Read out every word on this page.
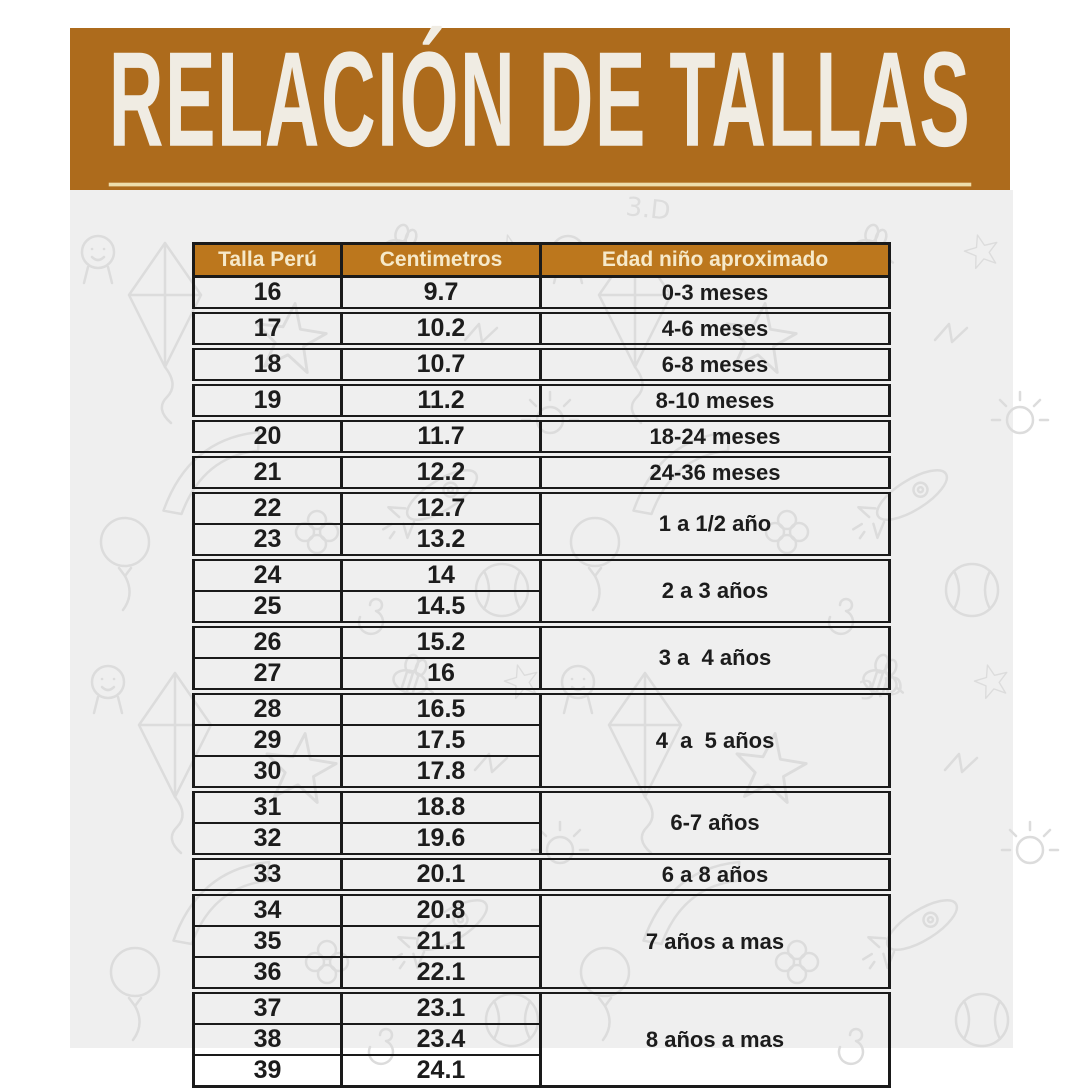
RELACIÓN DE TALLAS
3.D
3.D
Talla Perú	Centimetros	Edad niño aproximado
16	9.7	0-3 meses
17	10.2	4-6 meses
18	10.7	6-8 meses
19	11.2	8-10 meses
20	11.7	18-24 meses
21	12.2	24-36 meses
22	12.7	1 a 1/2 año
23	13.2	
24	14	2 a 3 años
25	14.5	
26	15.2	3 a  4 años
27	16	
28	16.5	4  a  5 años
29	17.5	
30	17.8	
31	18.8	6-7 años
32	19.6	
33	20.1	6 a 8 años
34	20.8	7 años a mas
35	21.1	
36	22.1	
37	23.1	8 años a mas
38	23.4	
39	24.1	
